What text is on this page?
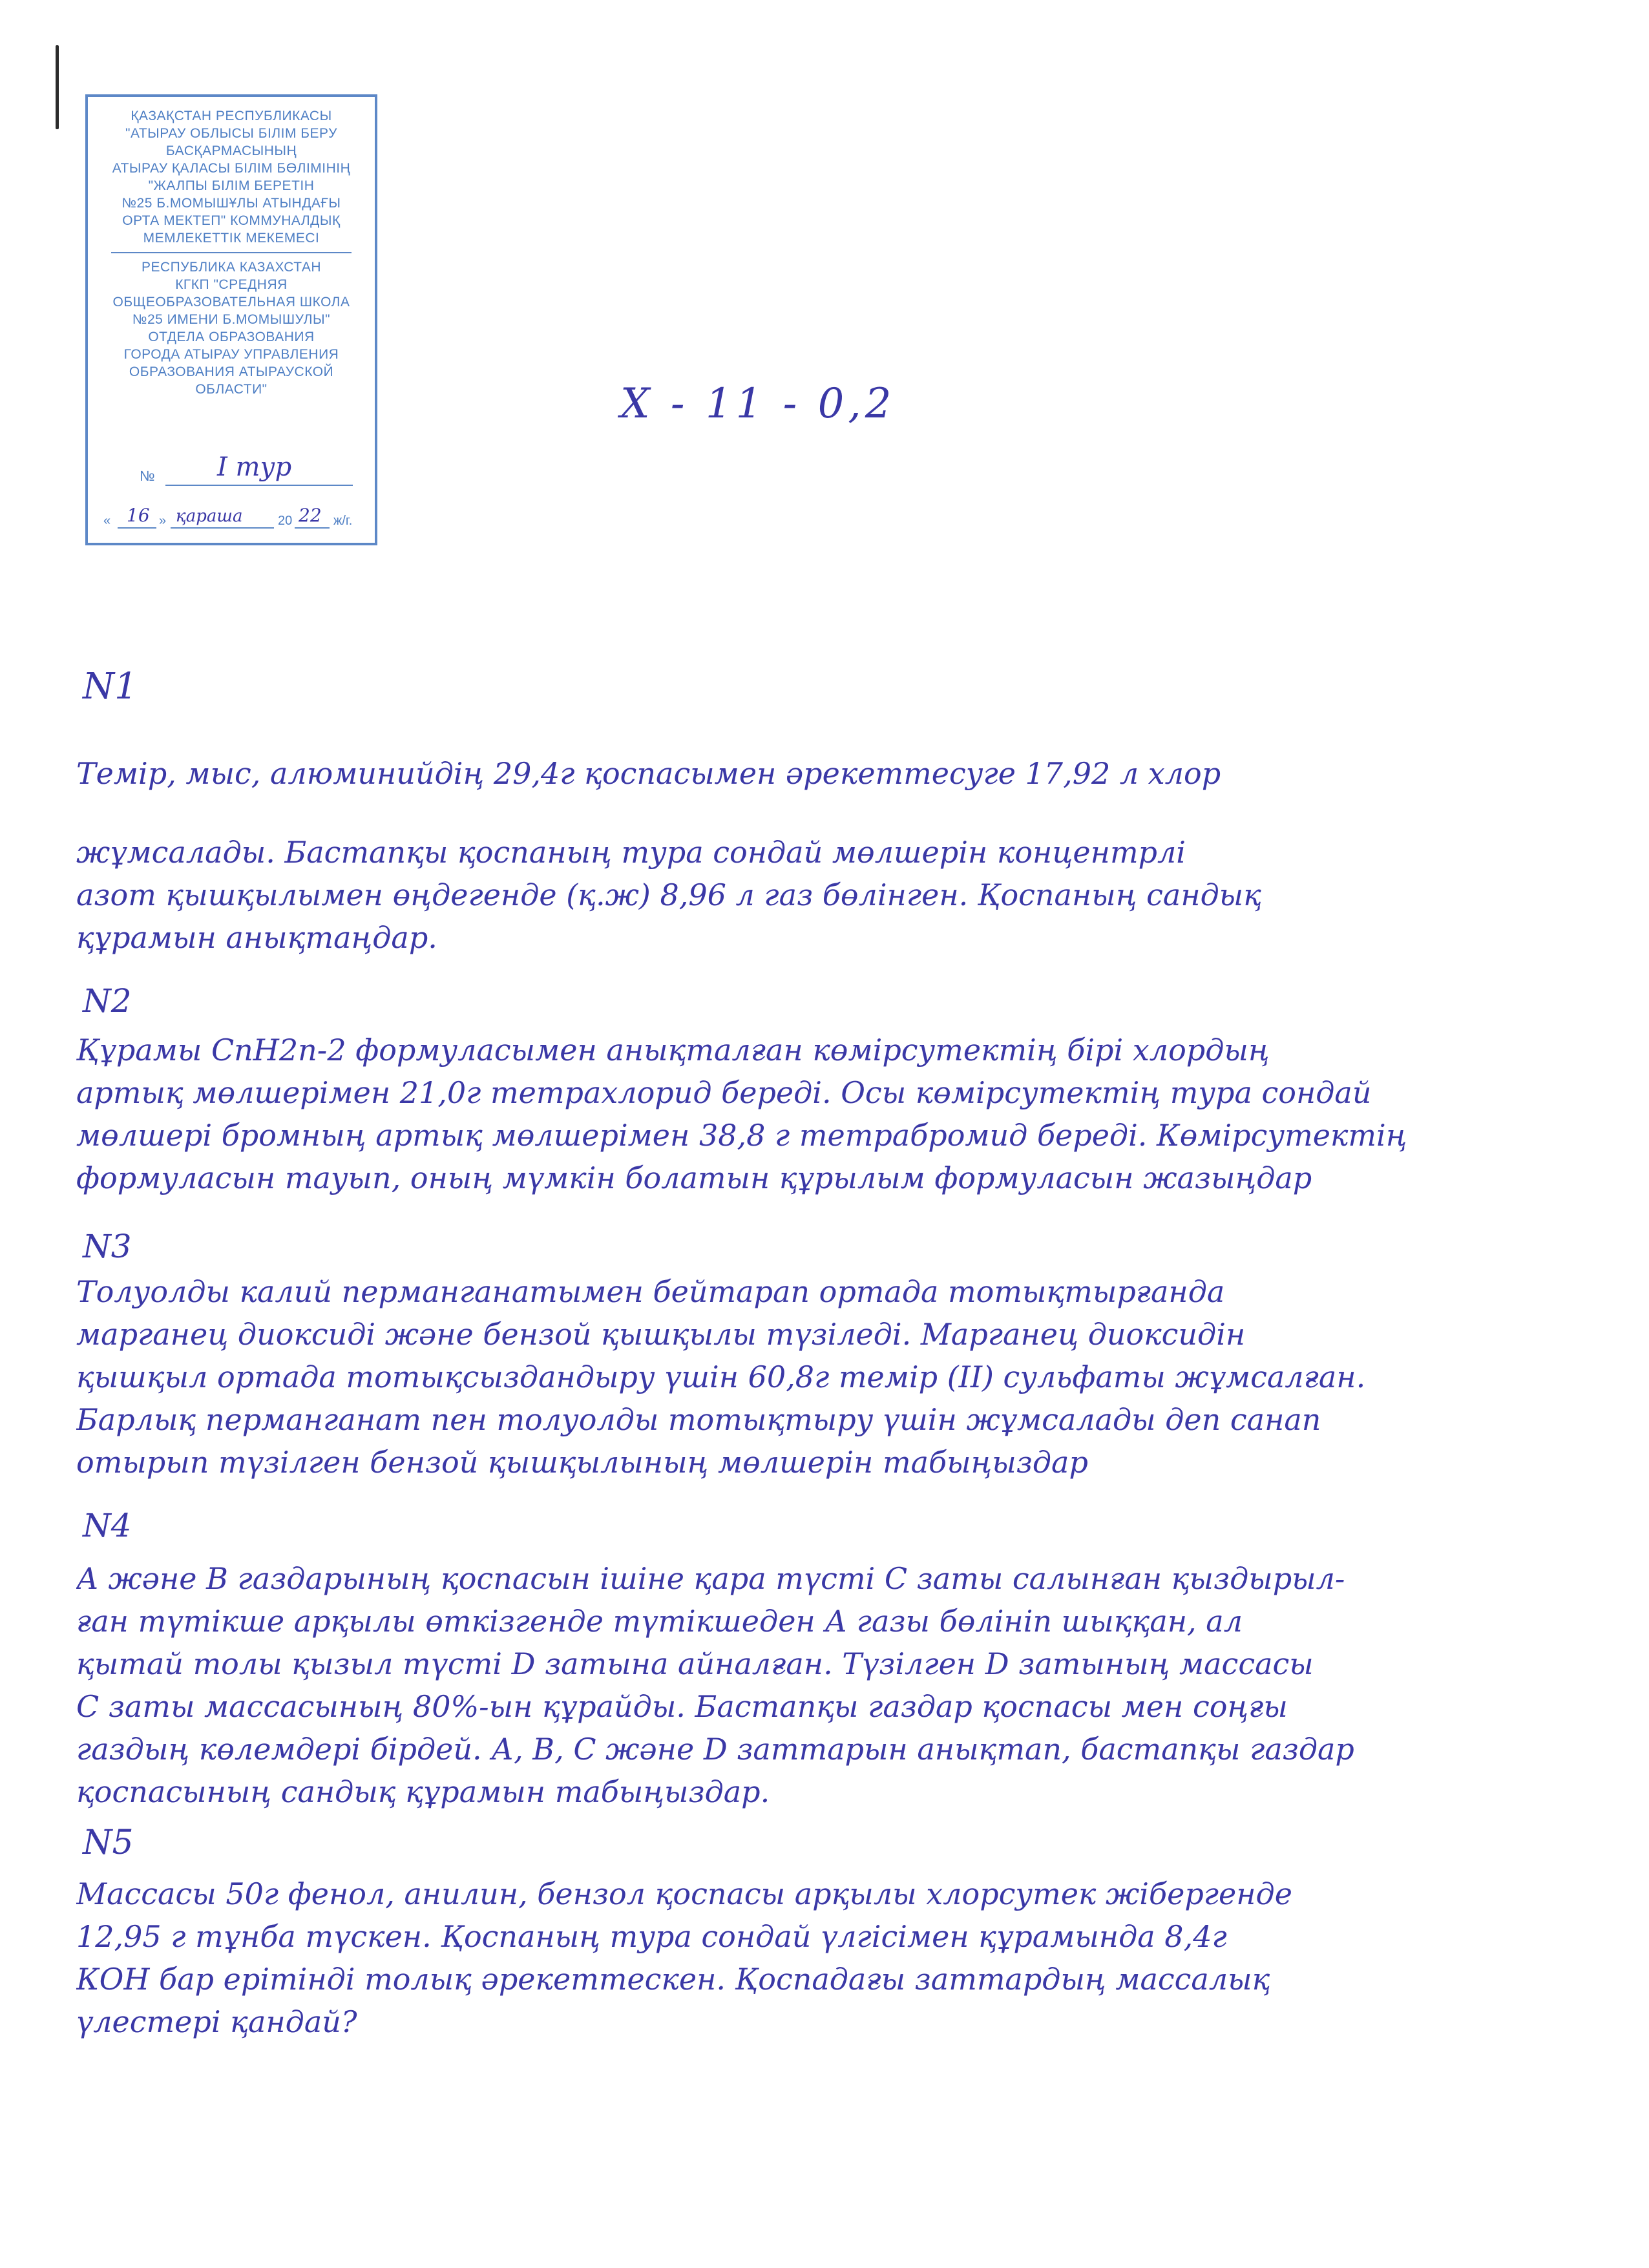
ҚАЗАҚСТАН РЕСПУБЛИКАСЫ
"АТЫРАУ ОБЛЫСЫ БІЛІМ БЕРУ
БАСҚАРМАСЫНЫҢ
АТЫРАУ ҚАЛАСЫ БІЛІМ БӨЛІМІНІҢ
"ЖАЛПЫ БІЛІМ БЕРЕТІН
№25 Б.МОМЫШҰЛЫ АТЫНДАҒЫ
ОРТА МЕКТЕП" КОММУНАЛДЫҚ
МЕМЛЕКЕТТІК МЕКЕМЕСІ
РЕСПУБЛИКА КАЗАХСТАН
КГКП "СРЕДНЯЯ
ОБЩЕОБРАЗОВАТЕЛЬНАЯ ШКОЛА
№25 ИМЕНИ Б.МОМЫШУЛЫ"
ОТДЕЛА ОБРАЗОВАНИЯ
ГОРОДА АТЫРАУ УПРАВЛЕНИЯ
ОБРАЗОВАНИЯ АТЫРАУСКОЙ
ОБЛАСТИ"
№ I тур
« 16 » қараша	20 22 ж/г.
Х - 11 - 0,2
N1
Темір, мыс, алюминийдің 29,4г қоспасымен әрекеттесуге 17,92 л хлор
жұмсалады. Бастапқы қоспаның тура сондай мөлшерін концентрлі
азот қышқылымен өңдегенде (қ.ж) 8,96 л газ бөлінген. Қоспаның сандық
құрамын анықтаңдар.
N2
Құрамы CnH2n-2 формуласымен анықталған көмірсутектің бірі хлордың
артық мөлшерімен 21,0г тетрахлорид береді. Осы көмірсутектің тура сондай
мөлшері бромның артық мөлшерімен 38,8 г тетрабромид береді. Көмірсутектің
формуласын тауып, оның мүмкін болатын құрылым формуласын жазыңдар
N3
Толуолды калий перманганатымен бейтарап ортада тотықтырғанда
марганец диоксиді және бензой қышқылы түзіледі. Марганец диоксидін
қышқыл ортада тотықсыздандыру үшін 60,8г темір (II) сульфаты жұмсалған.
Барлық перманганат пен толуолды тотықтыру үшін жұмсалады деп санап
отырып түзілген бензой қышқылының мөлшерін табыңыздар
N4
А және В газдарының қоспасын ішіне қара түсті С заты салынған қыздырыл-
ған түтікше арқылы өткізгенде түтікшеден А газы бөлініп шыққан, ал
қытай толы қызыл түсті D затына айналған. Түзілген D затының массасы
С заты массасының 80%-ын құрайды. Бастапқы газдар қоспасы мен соңғы
газдың көлемдері бірдей. А, В, С және D заттарын анықтап, бастапқы газдар
қоспасының сандық құрамын табыңыздар.
N5
Массасы 50г фенол, анилин, бензол қоспасы арқылы хлорсутек жібергенде
12,95 г тұнба түскен. Қоспаның тура сондай үлгісімен құрамында 8,4г
КОН бар ерітінді толық әрекеттескен. Қоспадағы заттардың массалық
үлестері қандай?
